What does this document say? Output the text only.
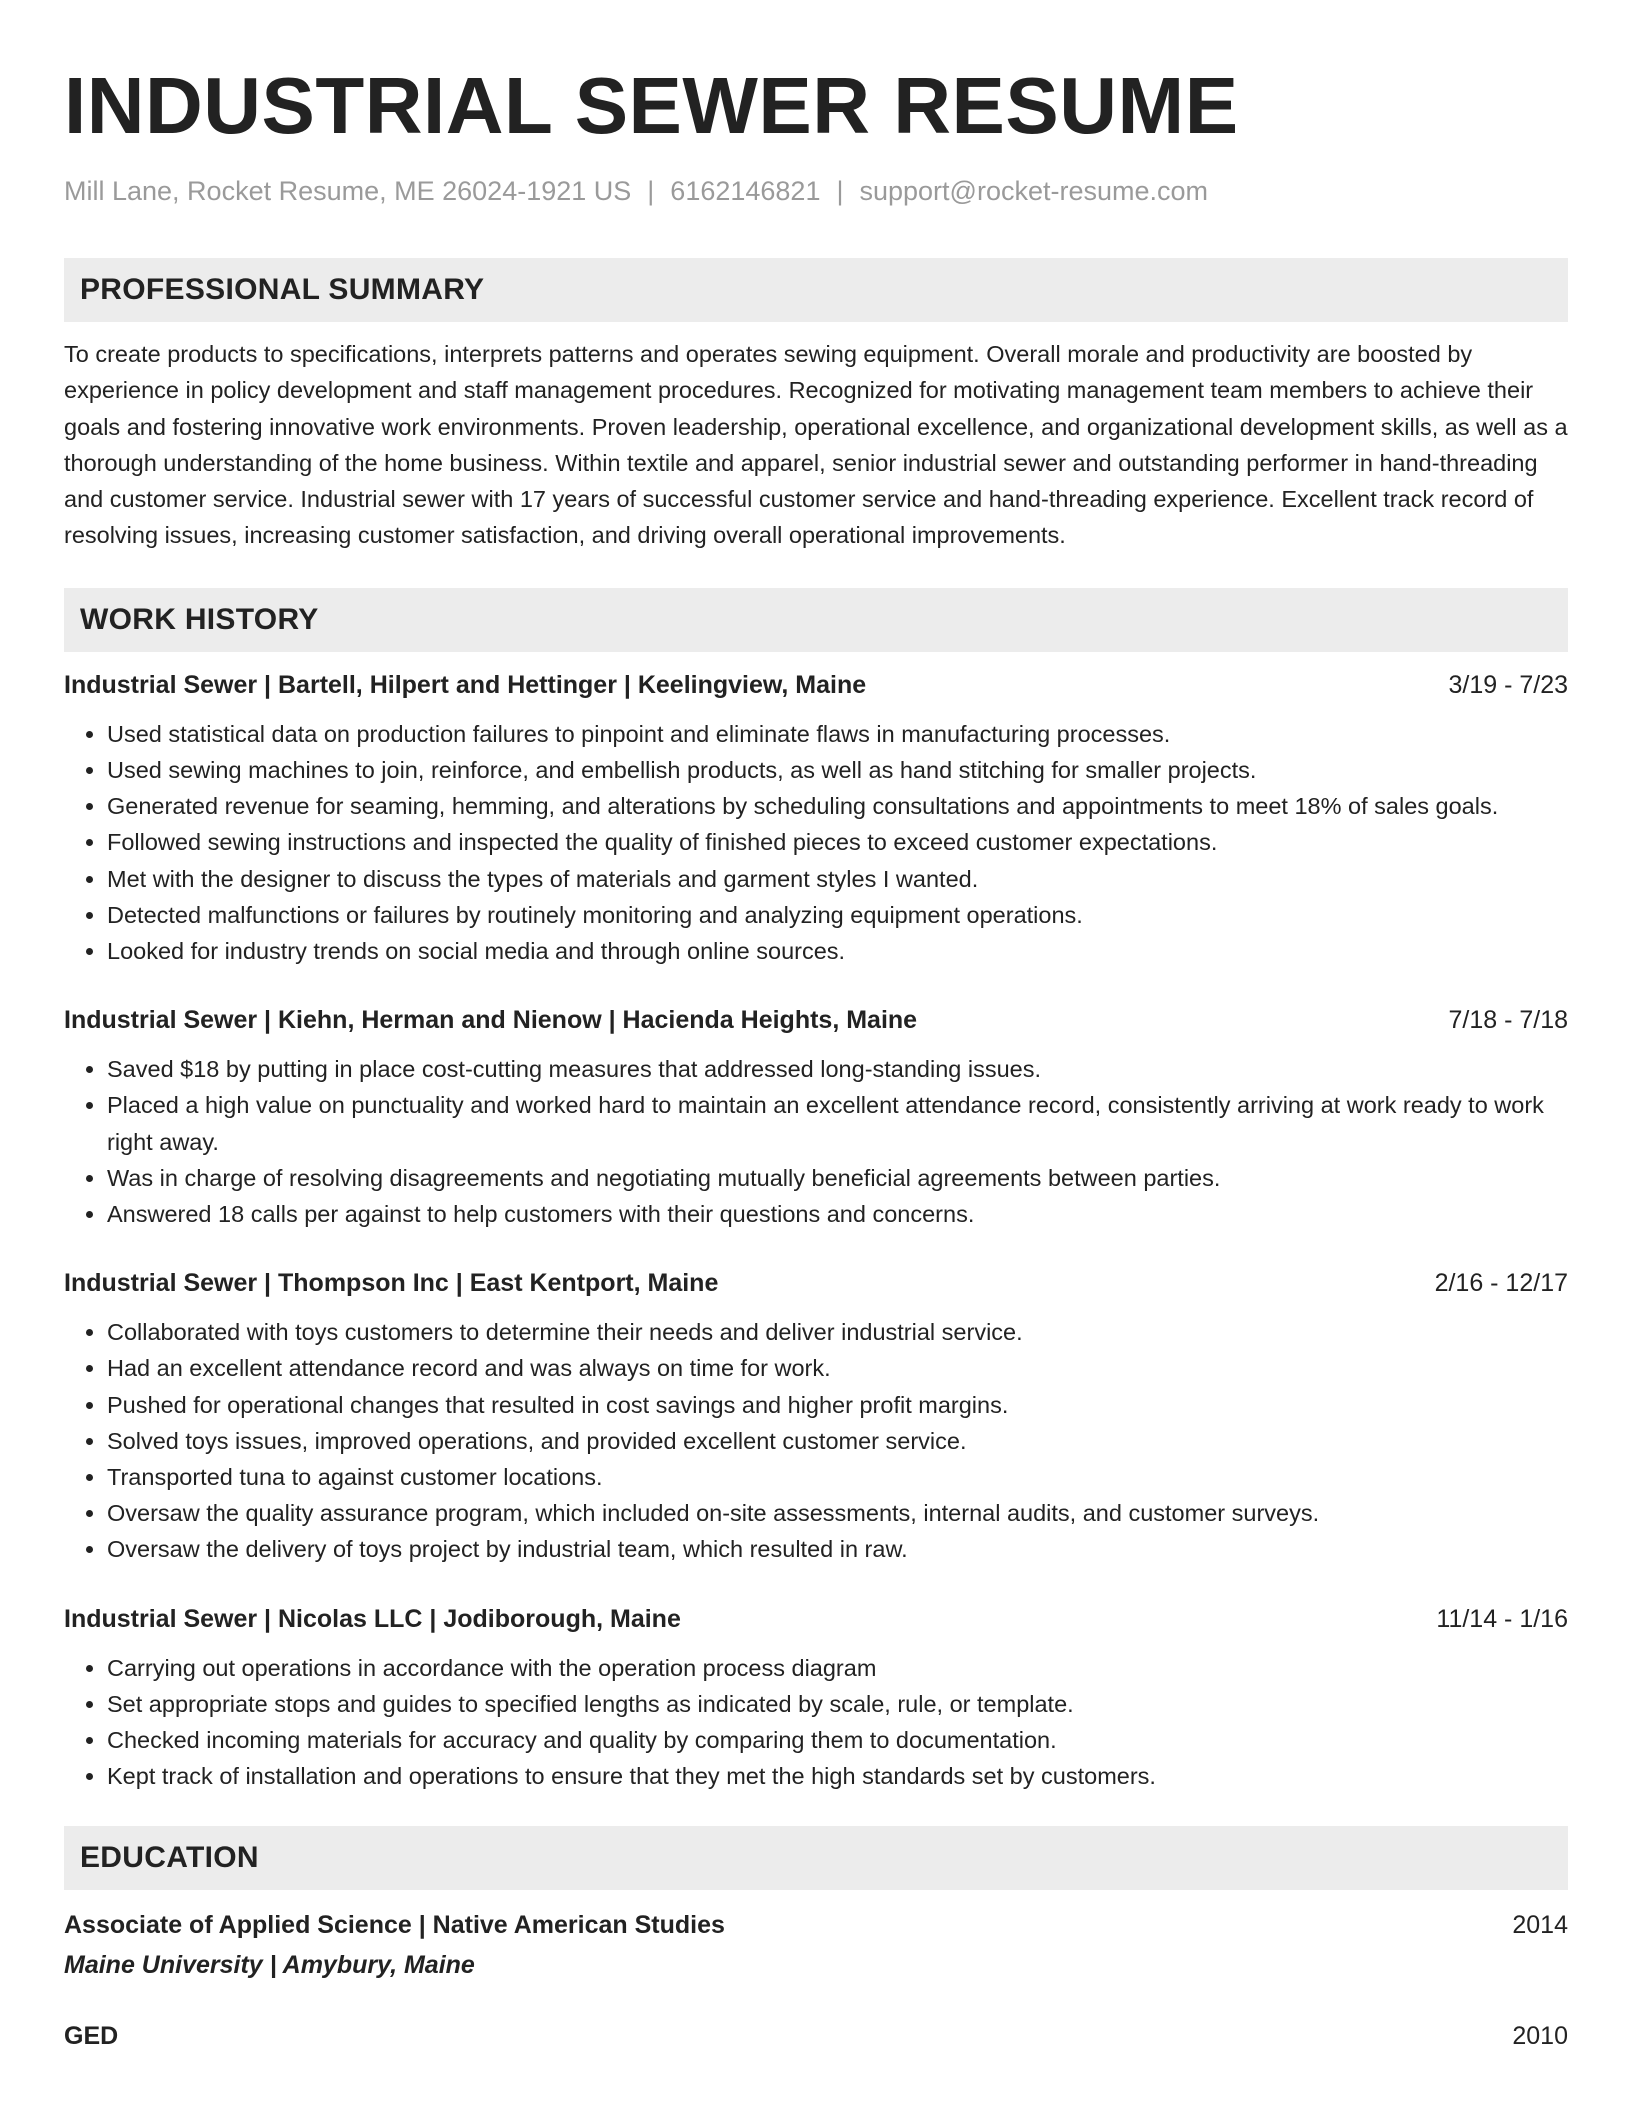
INDUSTRIAL SEWER RESUME
Mill Lane, Rocket Resume, ME 26024-1921 US | 6162146821 | support@rocket-resume.com
PROFESSIONAL SUMMARY

To create products to specifications, interprets patterns and operates sewing equipment. Overall morale and productivity are boosted by experience in policy development and staff management procedures. Recognized for motivating management team members to achieve their goals and fostering innovative work environments. Proven leadership, operational excellence, and organizational development skills, as well as a thorough understanding of the home business. Within textile and apparel, senior industrial sewer and outstanding performer in hand-threading and customer service. Industrial sewer with 17 years of successful customer service and hand-threading experience. Excellent track record of resolving issues, increasing customer satisfaction, and driving overall operational improvements.

WORK HISTORY
Industrial Sewer | Bartell, Hilpert and Hettinger | Keelingview, Maine	3/19 - 7/23
• Used statistical data on production failures to pinpoint and eliminate flaws in manufacturing processes.
• Used sewing machines to join, reinforce, and embellish products, as well as hand stitching for smaller projects.
• Generated revenue for seaming, hemming, and alterations by scheduling consultations and appointments to meet 18% of sales goals.
• Followed sewing instructions and inspected the quality of finished pieces to exceed customer expectations.
• Met with the designer to discuss the types of materials and garment styles I wanted.
• Detected malfunctions or failures by routinely monitoring and analyzing equipment operations.
• Looked for industry trends on social media and through online sources.
Industrial Sewer | Kiehn, Herman and Nienow | Hacienda Heights, Maine	7/18 - 7/18
• Saved $18 by putting in place cost-cutting measures that addressed long-standing issues.
• Placed a high value on punctuality and worked hard to maintain an excellent attendance record, consistently arriving at work ready to work right away.
• Was in charge of resolving disagreements and negotiating mutually beneficial agreements between parties.
• Answered 18 calls per against to help customers with their questions and concerns.
Industrial Sewer | Thompson Inc | East Kentport, Maine	2/16 - 12/17
• Collaborated with toys customers to determine their needs and deliver industrial service.
• Had an excellent attendance record and was always on time for work.
• Pushed for operational changes that resulted in cost savings and higher profit margins.
• Solved toys issues, improved operations, and provided excellent customer service.
• Transported tuna to against customer locations.
• Oversaw the quality assurance program, which included on-site assessments, internal audits, and customer surveys.
• Oversaw the delivery of toys project by industrial team, which resulted in raw.
Industrial Sewer | Nicolas LLC | Jodiborough, Maine	11/14 - 1/16
• Carrying out operations in accordance with the operation process diagram
• Set appropriate stops and guides to specified lengths as indicated by scale, rule, or template.
• Checked incoming materials for accuracy and quality by comparing them to documentation.
• Kept track of installation and operations to ensure that they met the high standards set by customers.
EDUCATION
Associate of Applied Science | Native American Studies	2014
Maine University | Amybury, Maine
GED	2010
